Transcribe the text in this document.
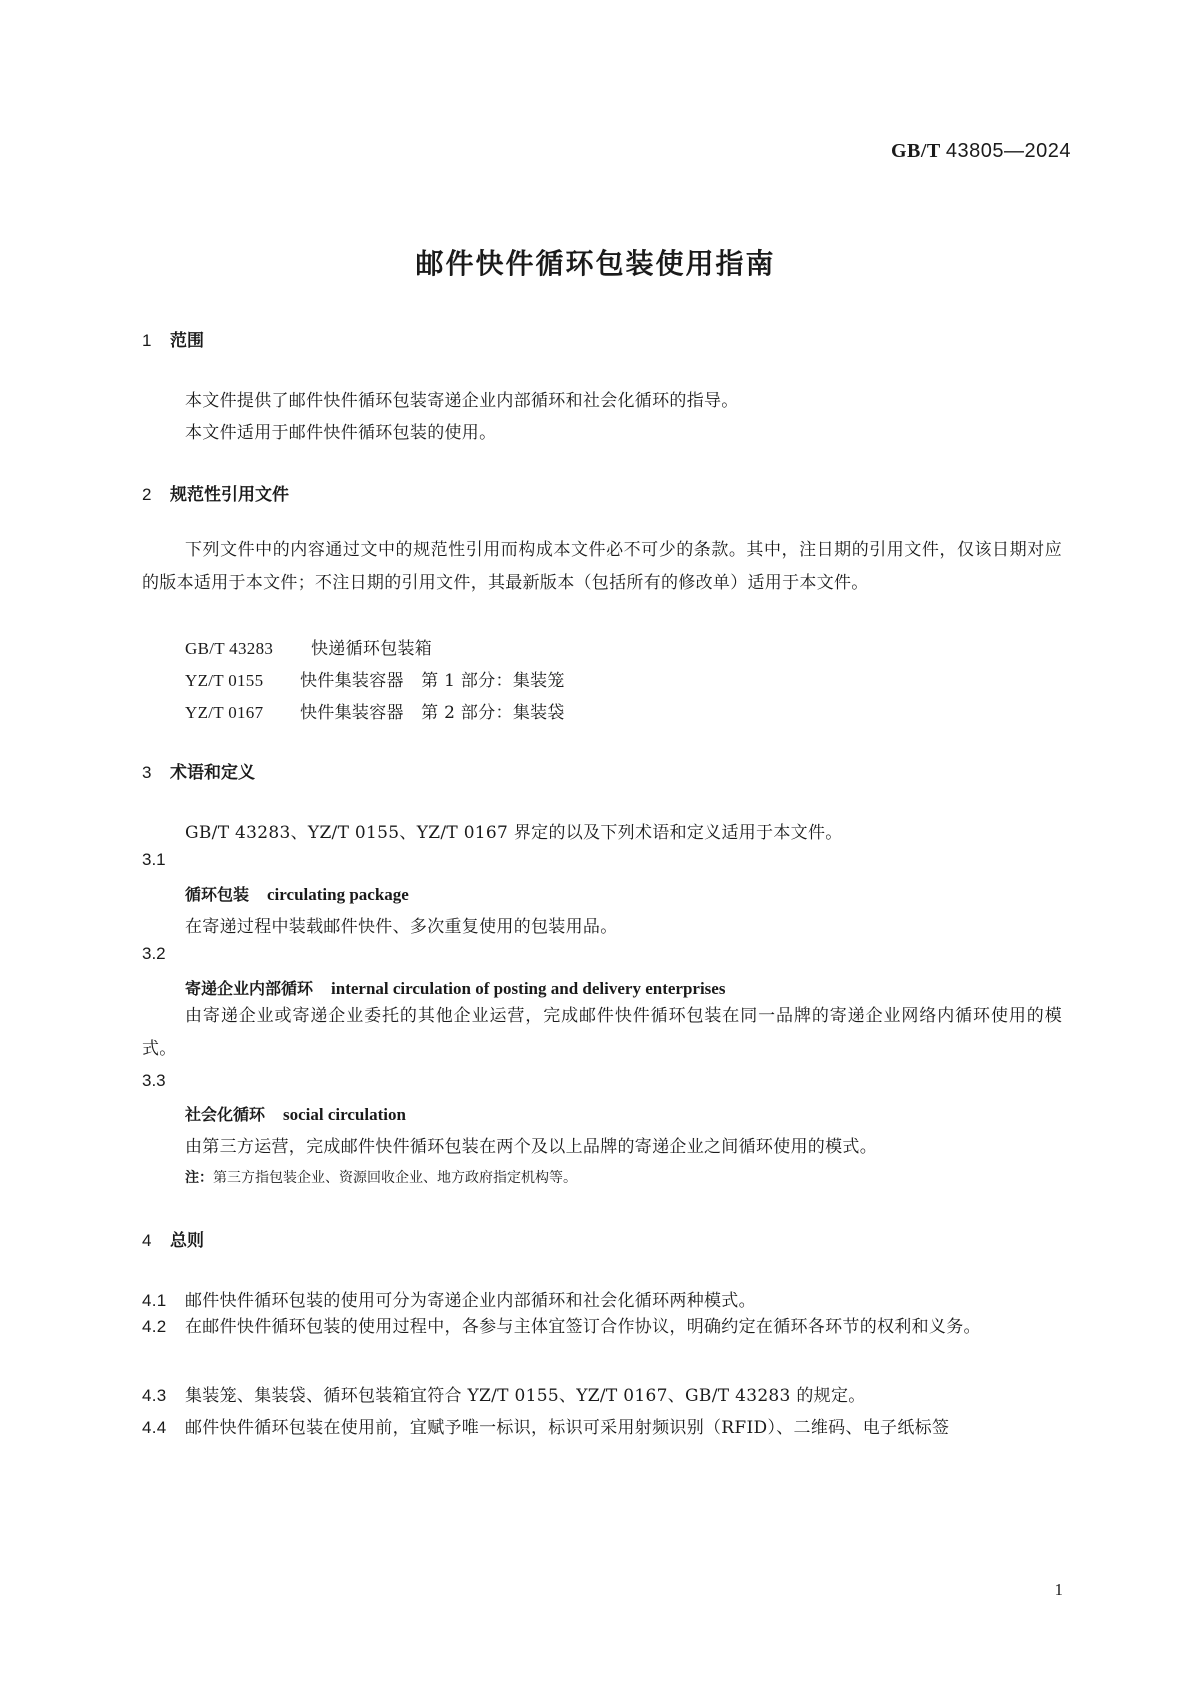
GB/T 43805—2024
邮件快件循环包装使用指南
1 范围
本文件提供了邮件快件循环包装寄递企业内部循环和社会化循环的指导。
本文件适用于邮件快件循环包装的使用。
2 规范性引用文件
下列文件中的内容通过文中的规范性引用而构成本文件必不可少的条款。其中，注日期的引用文件，仅该日期对应的版本适用于本文件；不注日期的引用文件，其最新版本（包括所有的修改单）适用于本文件。
GB/T 43283 快递循环包装箱
YZ/T 0155 快件集装容器　第 1 部分：集装笼
YZ/T 0167 快件集装容器　第 2 部分：集装袋
3 术语和定义
GB/T 43283、YZ/T 0155、YZ/T 0167 界定的以及下列术语和定义适用于本文件。
3.1
循环包装 circulating package
在寄递过程中装载邮件快件、多次重复使用的包装用品。
3.2
寄递企业内部循环 internal circulation of posting and delivery enterprises
由寄递企业或寄递企业委托的其他企业运营，完成邮件快件循环包装在同一品牌的寄递企业网络内循环使用的模式。
3.3
社会化循环 social circulation
由第三方运营，完成邮件快件循环包装在两个及以上品牌的寄递企业之间循环使用的模式。
注：第三方指包装企业、资源回收企业、地方政府指定机构等。
4 总则
4.1 邮件快件循环包装的使用可分为寄递企业内部循环和社会化循环两种模式。
4.2 在邮件快件循环包装的使用过程中，各参与主体宜签订合作协议，明确约定在循环各环节的权利和义务。
4.3 集装笼、集装袋、循环包装箱宜符合 YZ/T 0155、YZ/T 0167、GB/T 43283 的规定。
4.4 邮件快件循环包装在使用前，宜赋予唯一标识，标识可采用射频识别（RFID）、二维码、电子纸标签
1
